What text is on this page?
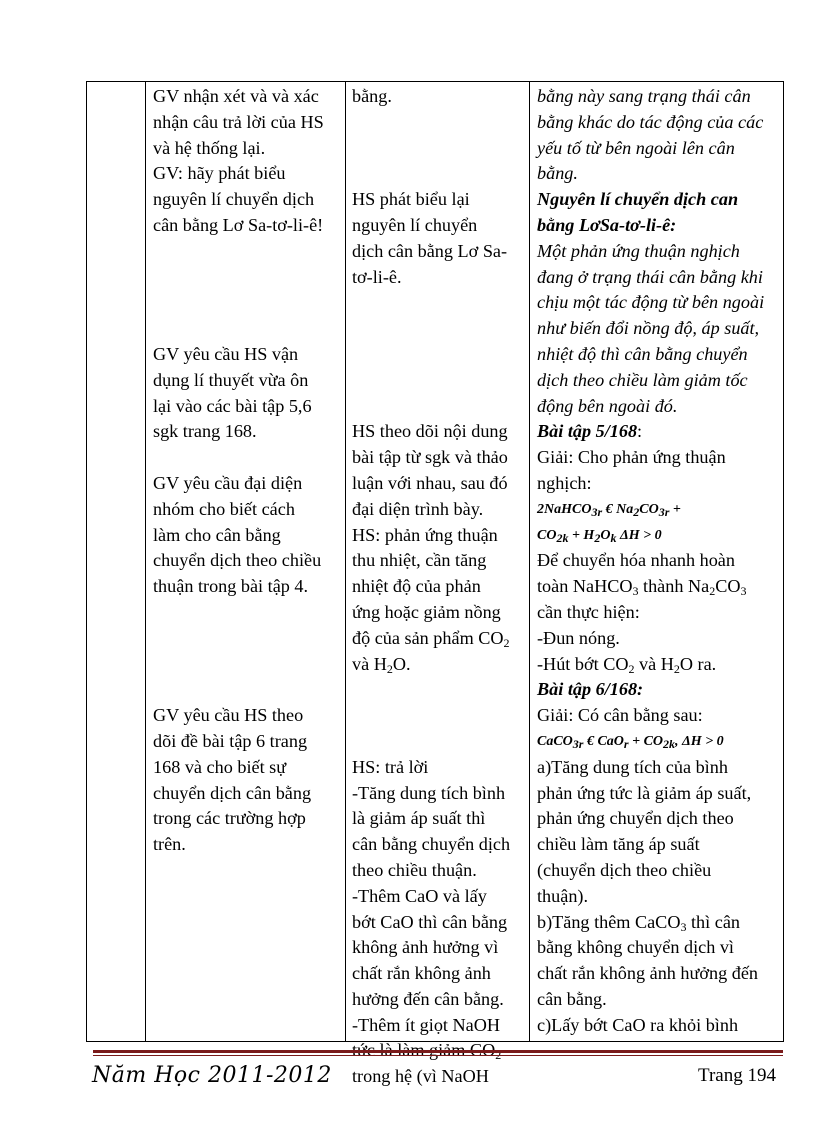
GV nhận xét và và xác

nhận câu trả lời của HS

và hệ thống lại.

GV: hãy phát biểu

nguyên lí chuyển dịch

cân bằng Lơ Sa-tơ-li-ê!

GV yêu cầu HS vận

dụng lí thuyết vừa ôn

lại vào các bài tập 5,6

sgk trang 168.

GV yêu cầu đại diện

nhóm cho biết cách

làm cho cân bằng

chuyển dịch theo chiều

thuận trong bài tập 4.

GV yêu cầu HS theo

dõi đề bài tập 6 trang

168 và cho biết sự

chuyển dịch cân bằng

trong các trường hợp

trên.

bằng.

HS phát biểu lại

nguyên lí chuyển

dịch cân bằng Lơ Sa-

tơ-li-ê.

HS theo dõi nội dung

bài tập từ sgk và thảo

luận với nhau, sau đó

đại diện trình bày.

HS: phản ứng thuận

thu nhiệt, cần tăng

nhiệt độ của phản

ứng hoặc giảm nồng

độ của sản phẩm $CO_2$

và $H_2O$.

HS: trả lời

-Tăng dung tích bình

là giảm áp suất thì

cân bằng chuyển dịch

theo chiều thuận.

-Thêm CaO và lấy

bớt CaO thì cân bằng

không ảnh hưởng vì

chất rắn không ảnh

hưởng đến cân bằng.

-Thêm ít giọt NaOH

trong hệ (vì NaOH

bằng này sang trạng thái cân

bằng khác do tác động của các

yếu tố từ bên ngoài lên cân

bằng.

Nguyên lí chuyển dịch can

bằng LơSa-tơ-li-ê:

Một phản ứng thuận nghịch

đang ở trạng thái cân bằng khi

chịu một tác động từ bên ngoài

như biến đổi nồng độ, áp suất,

nhiệt độ thì cân bằng chuyển

dịch theo chiều làm giảm tốc

động bên ngoài đó.

Bài tập 5/168:

Giải: Cho phản ứng thuận

nghịch:

2NaHCO$_{3r}$ € $Na_2CO_{3r}$ +

$CO_{2k} + H_2O_k$ ΔH > 0

Để chuyển hóa nhanh hoàn

toàn NaHCO$_3$ thành $Na_2CO_3$

cần thực hiện:

-Đun nóng.

-Hút bớt $CO_2$ và $H_2O$ ra.

Bài tập 6/168:

Giải: Có cân bằng sau:

CaCO$_{3r}$ € $CaO_r + CO_{2k}$, ΔH > 0

a)Tăng dung tích của bình

phản ứng tức là giảm áp suất,

phản ứng chuyển dịch theo

chiều làm tăng áp suất

(chuyển dịch theo chiều

thuận).

b)Tăng thêm CaCO$_3$ thì cân

bằng không chuyển dịch vì

chất rắn không ảnh hưởng đến

cân bằng.

c)Lấy bớt CaO ra khỏi bình

Năm Học 2011-2012	Trang 194
